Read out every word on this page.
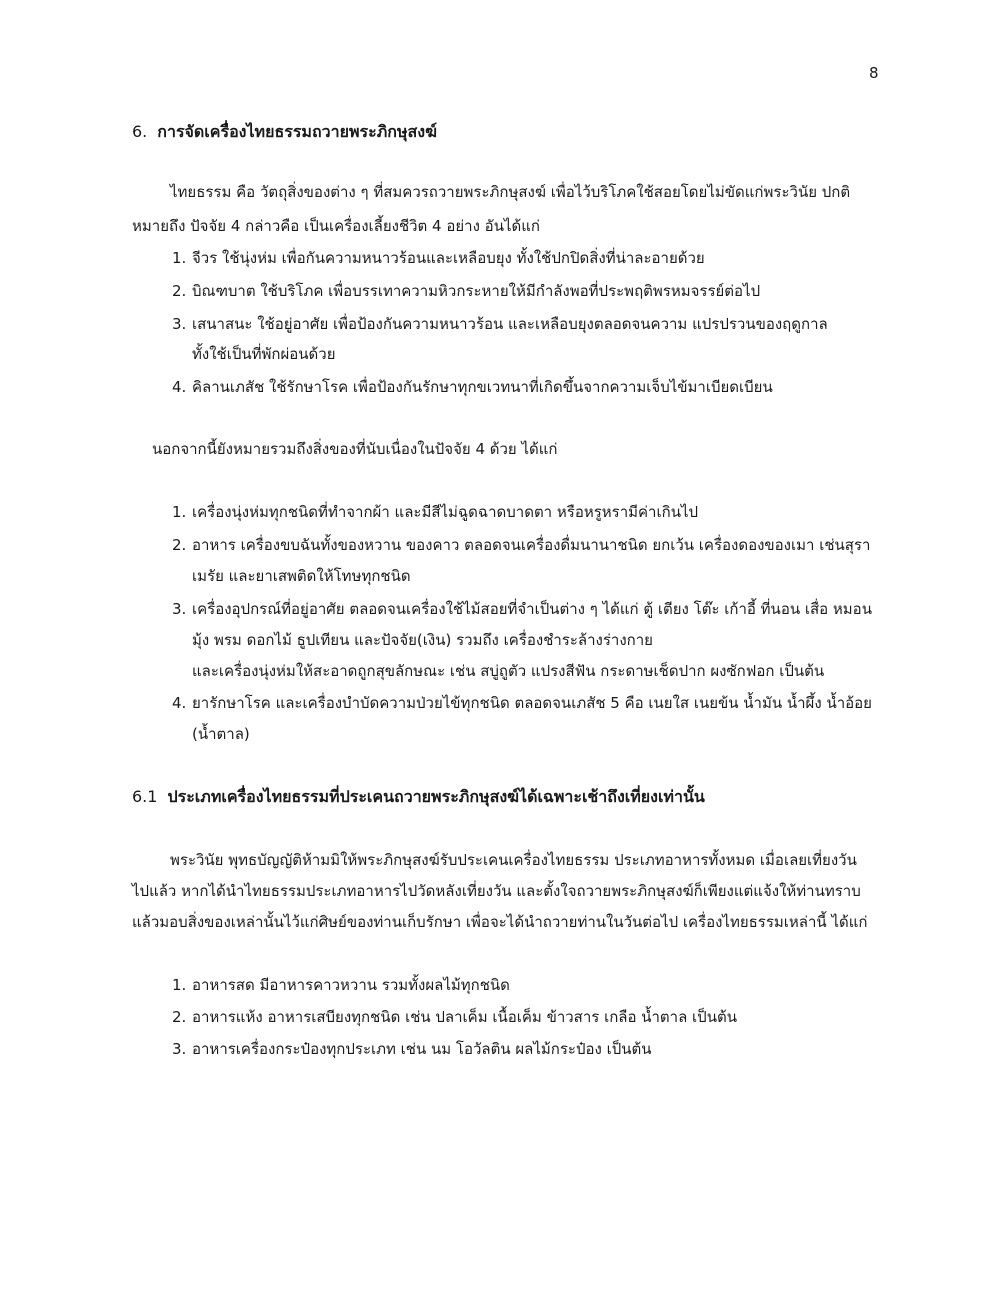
8
6. การจัดเครื่องไทยธรรมถวายพระภิกษุสงฆ์
ไทยธรรม คือ วัตถุสิ่งของต่าง ๆ ที่สมควรถวายพระภิกษุสงฆ์ เพื่อไว้บริโภคใช้สอยโดยไม่ขัดแก่พระวินัย ปกติ
หมายถึง ปัจจัย 4 กล่าวคือ เป็นเครื่องเลี้ยงชีวิต 4 อย่าง อันได้แก่
1. จีวร ใช้นุ่งห่ม เพื่อกันความหนาวร้อนและเหลือบยุง ทั้งใช้ปกปิดสิ่งที่น่าละอายด้วย
2. บิณฑบาต ใช้บริโภค เพื่อบรรเทาความหิวกระหายให้มีกำลังพอที่ประพฤติพรหมจรรย์ต่อไป
3. เสนาสนะ ใช้อยู่อาศัย เพื่อป้องกันความหนาวร้อน และเหลือบยุงตลอดจนความ แปรปรวนของฤดูกาล
ทั้งใช้เป็นที่พักผ่อนด้วย
4. คิลานเภสัช ใช้รักษาโรค เพื่อป้องกันรักษาทุกขเวทนาที่เกิดขึ้นจากความเจ็บไข้มาเบียดเบียน
นอกจากนี้ยังหมายรวมถึงสิ่งของที่นับเนื่องในปัจจัย 4 ด้วย ได้แก่
1. เครื่องนุ่งห่มทุกชนิดที่ทำจากผ้า และมีสีไม่ฉูดฉาดบาดตา หรือหรูหรามีค่าเกินไป
2. อาหาร เครื่องขบฉันทั้งของหวาน ของคาว ตลอดจนเครื่องดื่มนานาชนิด ยกเว้น เครื่องดองของเมา เช่นสุรา
เมรัย และยาเสพติดให้โทษทุกชนิด
3. เครื่องอุปกรณ์ที่อยู่อาศัย ตลอดจนเครื่องใช้ไม้สอยที่จำเป็นต่าง ๆ ได้แก่ ตู้ เตียง โต๊ะ เก้าอี้ ที่นอน เสื่อ หมอน
มุ้ง พรม ดอกไม้ ธูปเทียน และปัจจัย(เงิน) รวมถึง เครื่องชำระล้างร่างกาย
และเครื่องนุ่งห่มให้สะอาดถูกสุขลักษณะ เช่น สบู่ถูตัว แปรงสีฟัน กระดาษเช็ดปาก ผงซักฟอก เป็นต้น
4. ยารักษาโรค และเครื่องบำบัดความป่วยไข้ทุกชนิด ตลอดจนเภสัช 5 คือ เนยใส เนยข้น น้ำมัน น้ำผึ้ง น้ำอ้อย
(น้ำตาล)
6.1 ประเภทเครื่องไทยธรรมที่ประเคนถวายพระภิกษุสงฆ์ได้เฉพาะเช้าถึงเที่ยงเท่านั้น
พระวินัย พุทธบัญญัติห้ามมิให้พระภิกษุสงฆ์รับประเคนเครื่องไทยธรรม ประเภทอาหารทั้งหมด เมื่อเลยเที่ยงวัน
ไปแล้ว หากได้นำไทยธรรมประเภทอาหารไปวัดหลังเที่ยงวัน และตั้งใจถวายพระภิกษุสงฆ์ก็เพียงแต่แจ้งให้ท่านทราบ
แล้วมอบสิ่งของเหล่านั้นไว้แก่ศิษย์ของท่านเก็บรักษา เพื่อจะได้นำถวายท่านในวันต่อไป เครื่องไทยธรรมเหล่านี้ ได้แก่
1. อาหารสด มีอาหารคาวหวาน รวมทั้งผลไม้ทุกชนิด
2. อาหารแห้ง อาหารเสบียงทุกชนิด เช่น ปลาเค็ม เนื้อเค็ม ข้าวสาร เกลือ น้ำตาล เป็นต้น
3. อาหารเครื่องกระป๋องทุกประเภท เช่น นม โอวัลติน ผลไม้กระป๋อง เป็นต้น
